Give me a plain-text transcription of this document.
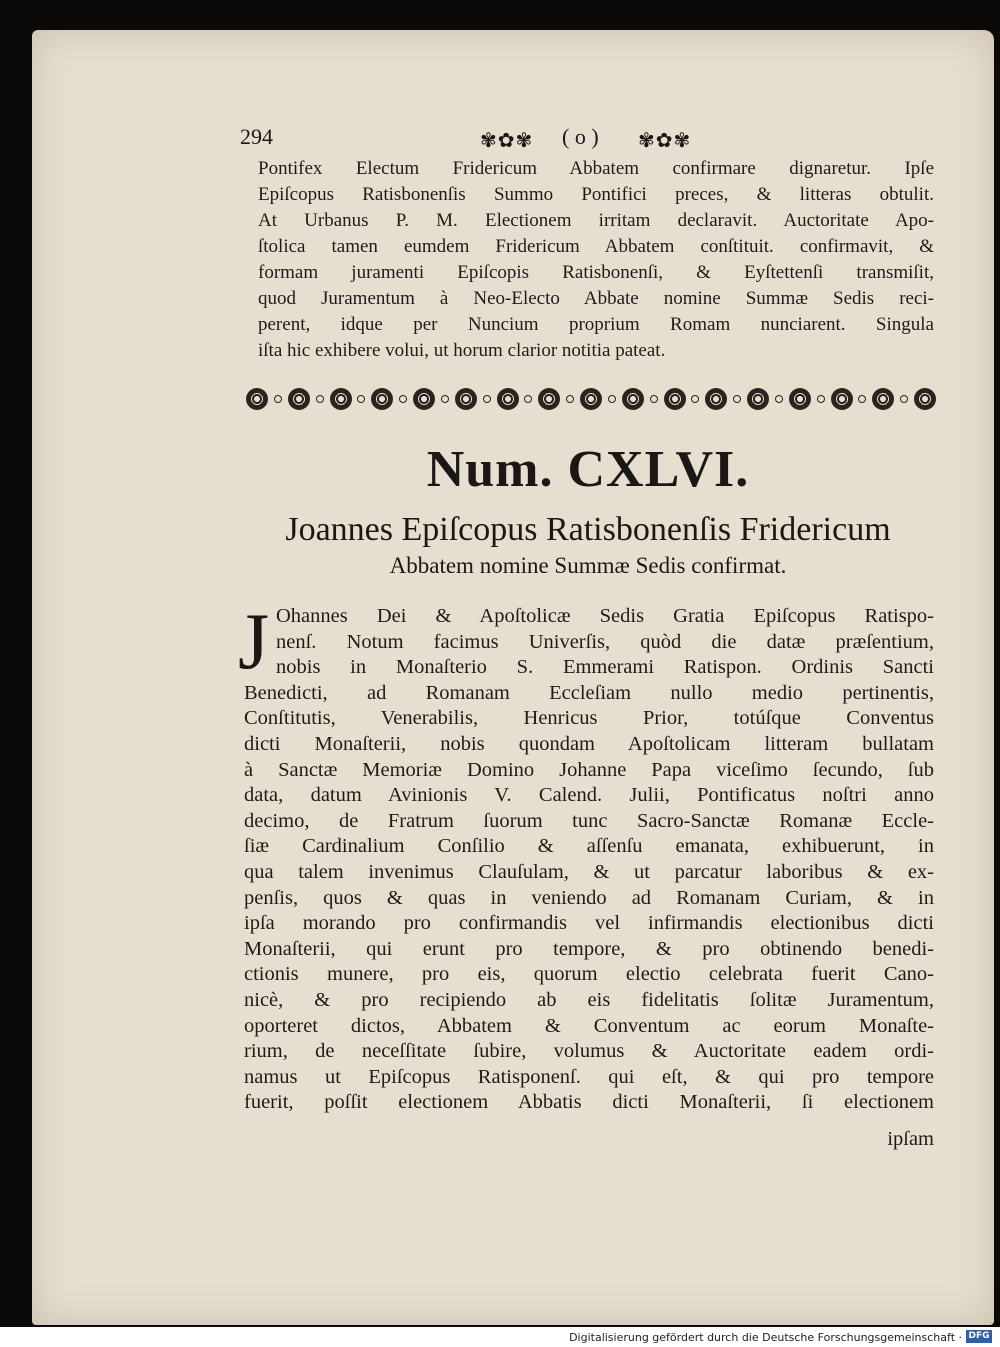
294	✾✿✾ ( o ) ✾✿✾
Pontifex Electum Fridericum Abbatem confirmare dignaretur. Ipſe
Epiſcopus Ratisbonenſis Summo Pontifici preces, & litteras obtulit.
At Urbanus P. M. Electionem irritam declaravit. Auctoritate Apo-
ſtolica tamen eumdem Fridericum Abbatem conſtituit. confirmavit, &
formam juramenti Epiſcopis Ratisbonenſi, & Eyſtettenſi transmiſit,
quod Juramentum à Neo-Electo Abbate nomine Summæ Sedis reci-
perent, idque per Nuncium proprium Romam nunciarent. Singula
iſta hic exhibere volui, ut horum clarior notitia pateat.
Num. CXLVI.
Joannes Epiſcopus Ratisbonenſis Fridericum
Abbatem nomine Summæ Sedis confirmat.
J Ohannes Dei & Apoſtolicæ Sedis Gratia Epiſcopus Ratispo-
nenſ. Notum facimus Univerſis, quòd die datæ præſentium,
nobis in Monaſterio S. Emmerami Ratispon. Ordinis Sancti
Benedicti, ad Romanam Eccleſiam nullo medio pertinentis,
Conſtitutis, Venerabilis, Henricus Prior, totúſque Conventus
dicti Monaſterii, nobis quondam Apoſtolicam litteram bullatam
à Sanctæ Memoriæ Domino Johanne Papa viceſimo ſecundo, ſub
data, datum Avinionis V. Calend. Julii, Pontificatus noſtri anno
decimo, de Fratrum ſuorum tunc Sacro-Sanctæ Romanæ Eccle-
ſiæ Cardinalium Conſilio & aſſenſu emanata, exhibuerunt, in
qua talem invenimus Clauſulam, & ut parcatur laboribus & ex-
penſis, quos & quas in veniendo ad Romanam Curiam, & in
ipſa morando pro confirmandis vel infirmandis electionibus dicti
Monaſterii, qui erunt pro tempore, & pro obtinendo benedi-
ctionis munere, pro eis, quorum electio celebrata fuerit Cano-
nicè, & pro recipiendo ab eis fidelitatis ſolitæ Juramentum,
oporteret dictos, Abbatem & Conventum ac eorum Monaſte-
rium, de neceſſitate ſubire, volumus & Auctoritate eadem ordi-
namus ut Epiſcopus Ratisponenſ. qui eſt, & qui pro tempore
fuerit, poſſit electionem Abbatis dicti Monaſterii, ſi electionem
ipſam
Digitalisierung gefördert durch die Deutsche Forschungsgemeinschaft · DFG
